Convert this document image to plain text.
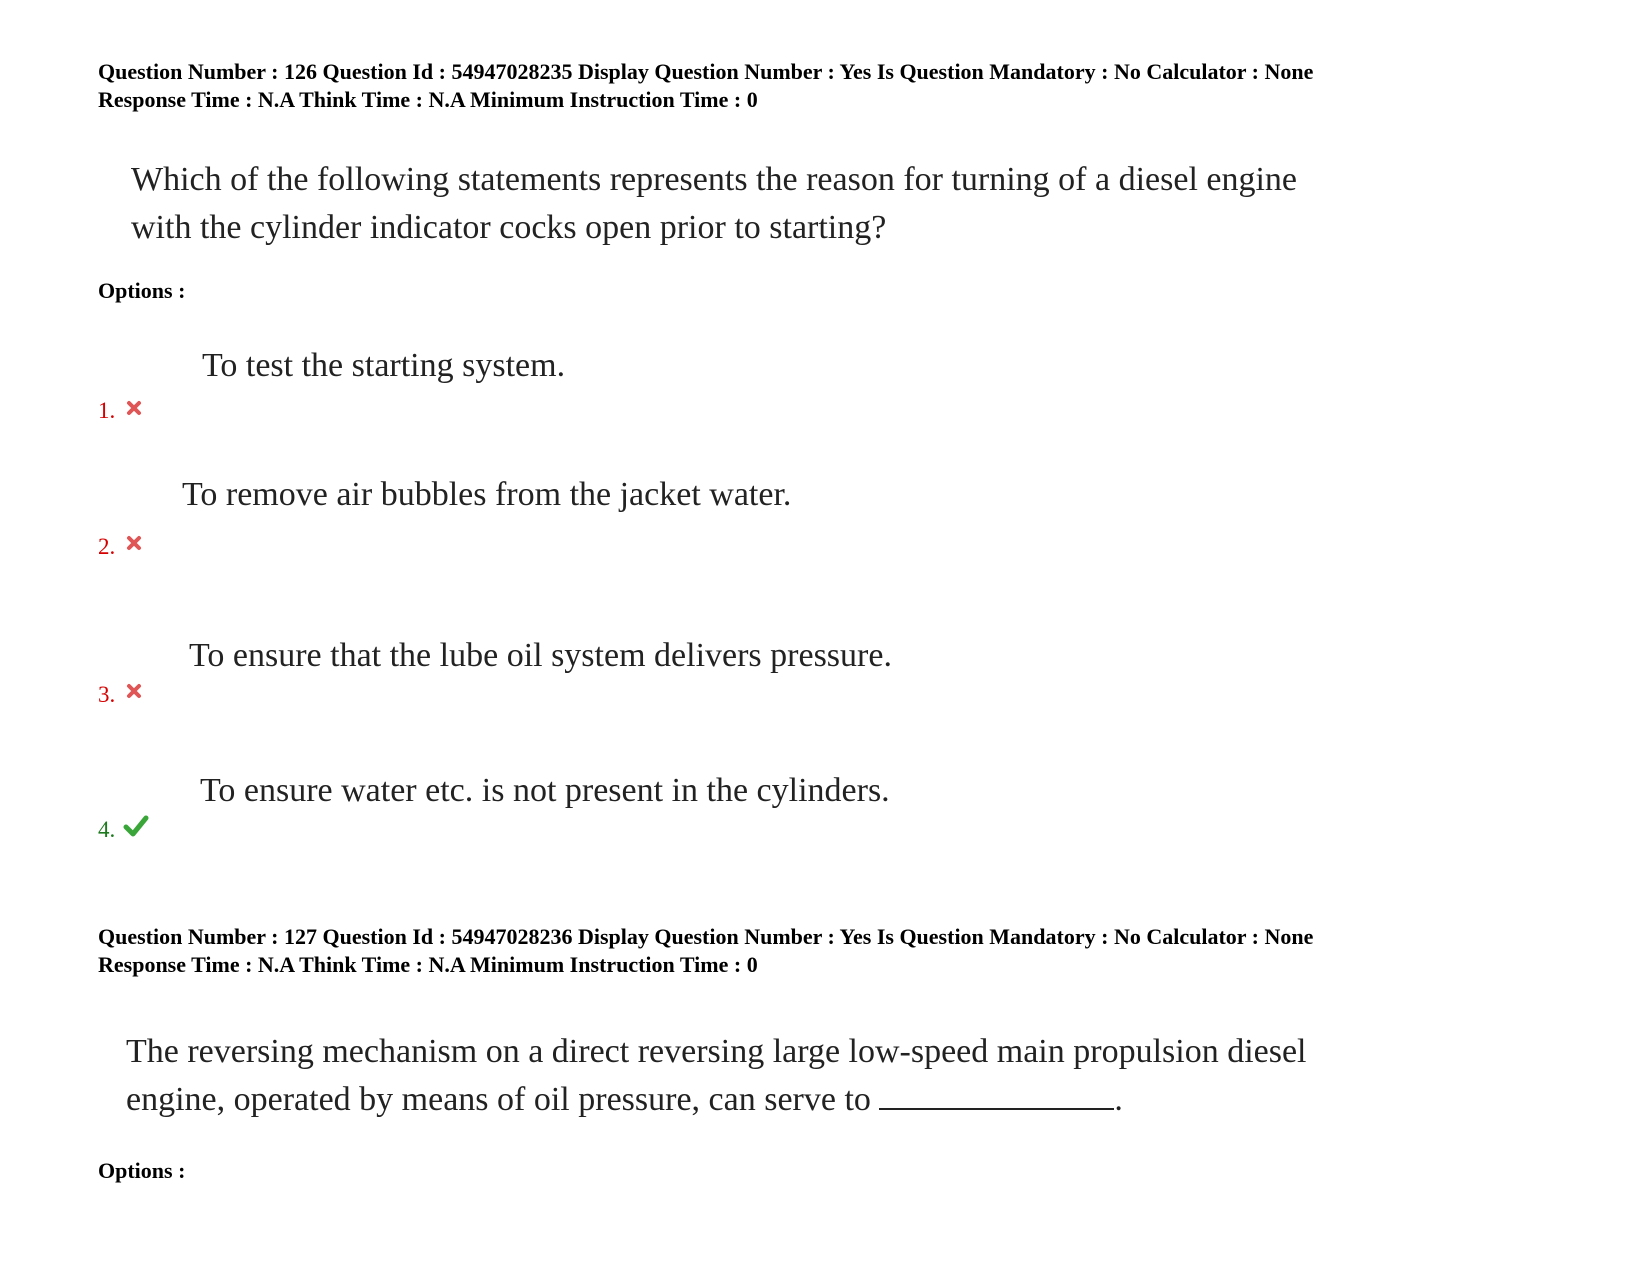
Question Number : 126 Question Id : 54947028235 Display Question Number : Yes Is Question Mandatory : No Calculator : None
Response Time : N.A Think Time : N.A Minimum Instruction Time : 0
Which of the following statements represents the reason for turning of a diesel engine
with the cylinder indicator cocks open prior to starting?
Options :
To test the starting system.
1.
To remove air bubbles from the jacket water.
2.
To ensure that the lube oil system delivers pressure.
3.
To ensure water etc. is not present in the cylinders.
4.
Question Number : 127 Question Id : 54947028236 Display Question Number : Yes Is Question Mandatory : No Calculator : None
Response Time : N.A Think Time : N.A Minimum Instruction Time : 0
The reversing mechanism on a direct reversing large low-speed main propulsion diesel
engine, operated by means of oil pressure, can serve to	.
Options :
